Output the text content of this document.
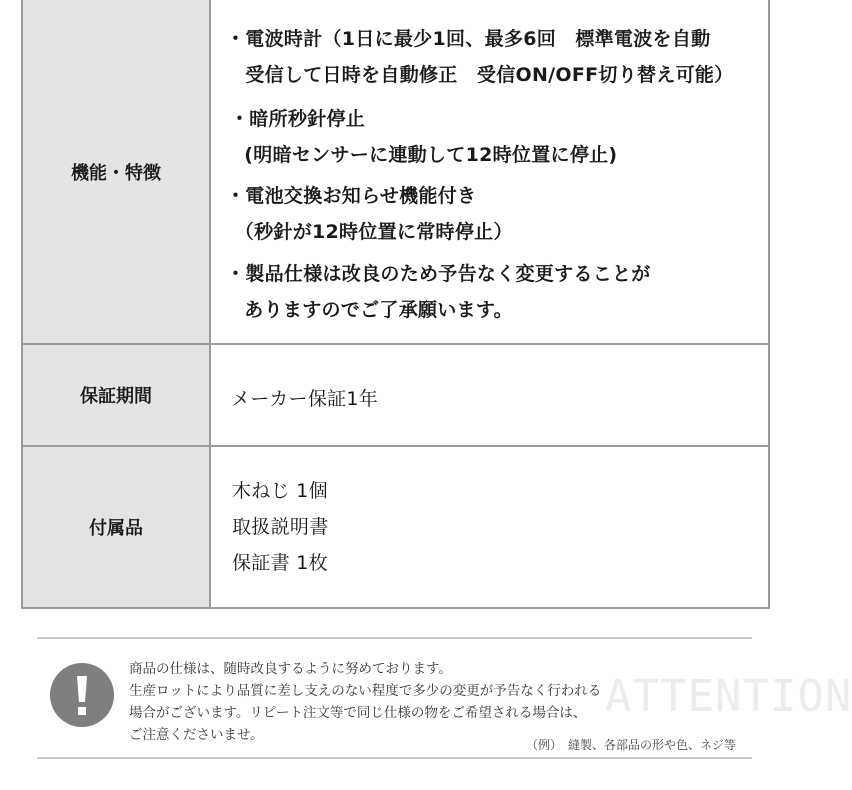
機能・特徴
・電波時計（1日に最少1回、最多6回　標準電波を自動
　受信して日時を自動修正　受信ON/OFF切り替え可能）
・暗所秒針停止
　(明暗センサーに連動して12時位置に停止)
・電池交換お知らせ機能付き
　（秒針が12時位置に常時停止）
・製品仕様は改良のため予告なく変更することが
　ありますのでご了承願います。
保証期間	メーカー保証1年
付属品
木ねじ 1個
取扱説明書
保証書 1枚
ATTENTION
商品の仕様は、随時改良するように努めております。
生産ロットにより品質に差し支えのない程度で多少の変更が予告なく行われる
場合がございます。リピート注文等で同じ仕様の物をご希望される場合は、
ご注意くださいませ。
（例）　縫製、各部品の形や色、ネジ等
